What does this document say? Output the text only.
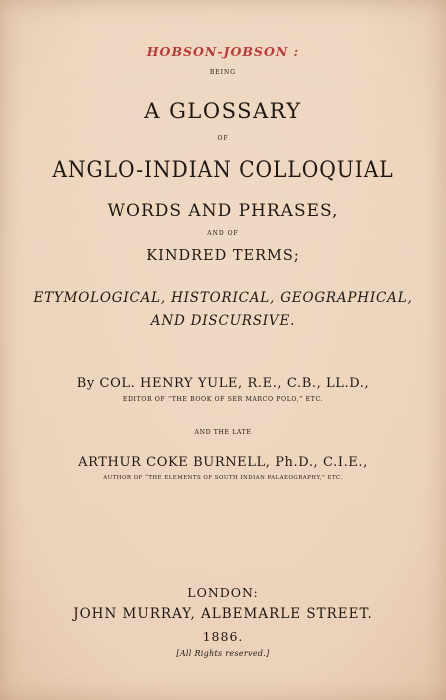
HOBSON-JOBSON :
BEING
A GLOSSARY
OF
ANGLO-INDIAN COLLOQUIAL
WORDS AND PHRASES,
AND OF
KINDRED TERMS;
ETYMOLOGICAL, HISTORICAL, GEOGRAPHICAL,
AND DISCURSIVE.
By COL. HENRY YULE, R.E., C.B., LL.D.,
EDITOR OF “THE BOOK OF SER MARCO POLO,” ETC.
AND THE LATE
ARTHUR COKE BURNELL, Ph.D., C.I.E.,
AUTHOR OF “THE ELEMENTS OF SOUTH INDIAN PALAEOGRAPHY,” ETC.
LONDON:
JOHN MURRAY, ALBEMARLE STREET.
1886.
[All Rights reserved.]
